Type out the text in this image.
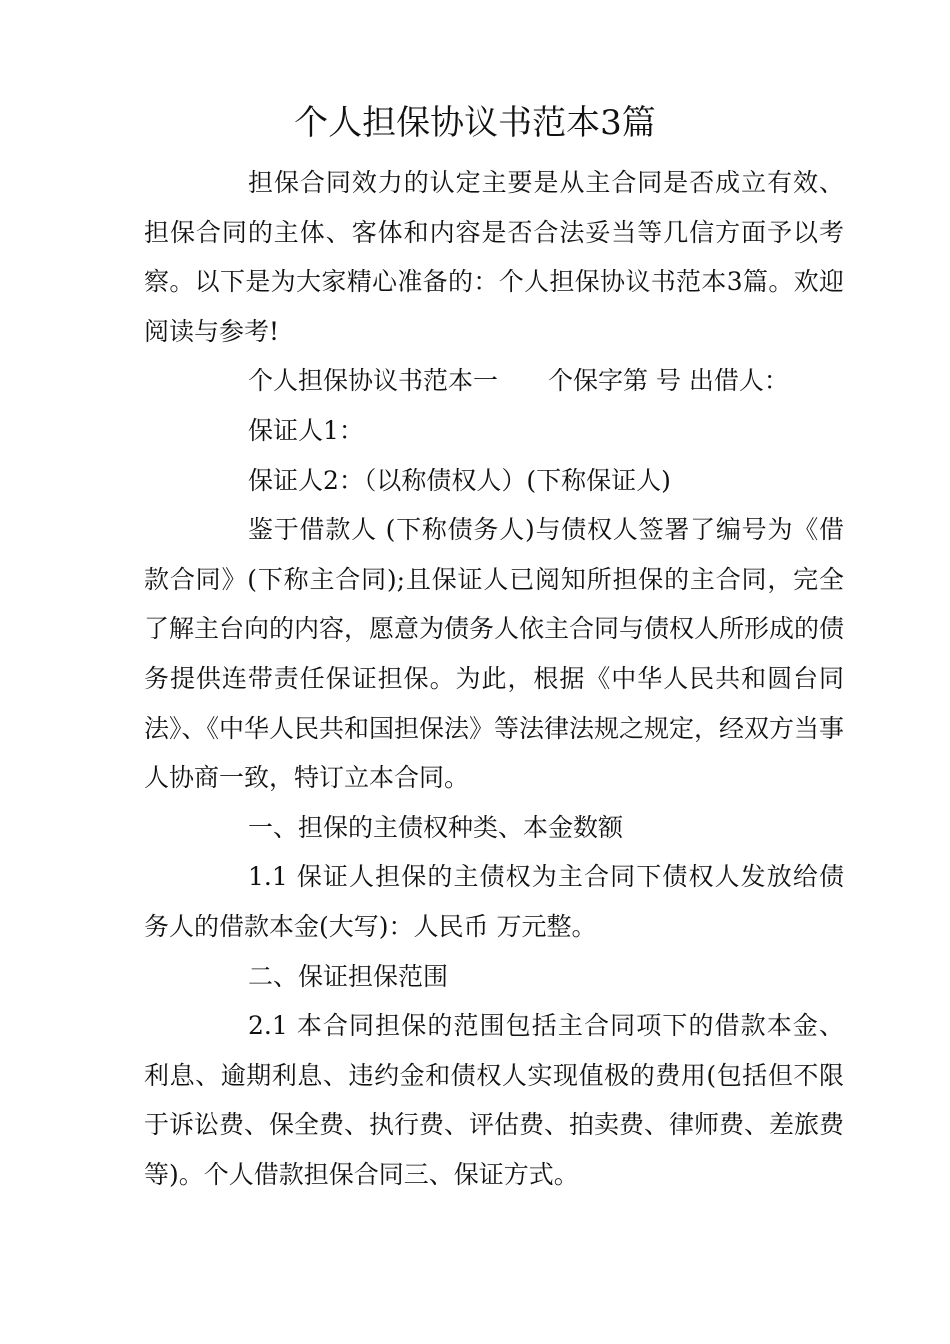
个人担保协议书范本3篇

担保合同效力的认定主要是从主合同是否成立有效、担保合同的主体、客体和内容是否合法妥当等几信方面予以考察。以下是为大家精心准备的：个人担保协议书范本3篇。欢迎阅读与参考!

个人担保协议书范本一　　个保字第 号 出借人：

保证人1：

保证人2：（以称债权人）(下称保证人)

鉴于借款人 (下称债务人)与债权人签署了编号为《借款合同》(下称主合同);且保证人已阅知所担保的主合同，完全了解主台向的内容，愿意为债务人依主合同与债权人所形成的债务提供连带责任保证担保。为此，根据《中华人民共和圆台同法》、《中华人民共和国担保法》等法律法规之规定，经双方当事人协商一致，特订立本合同。

一、担保的主债权种类、本金数额

1.1 保证人担保的主债权为主合同下债权人发放给债务人的借款本金(大写)：人民币 万元整。

二、保证担保范围

2.1 本合同担保的范围包括主合同项下的借款本金、利息、逾期利息、违约金和债权人实现值极的费用(包括但不限于诉讼费、保全费、执行费、评估费、拍卖费、律师费、差旅费等)。个人借款担保合同三、保证方式。
